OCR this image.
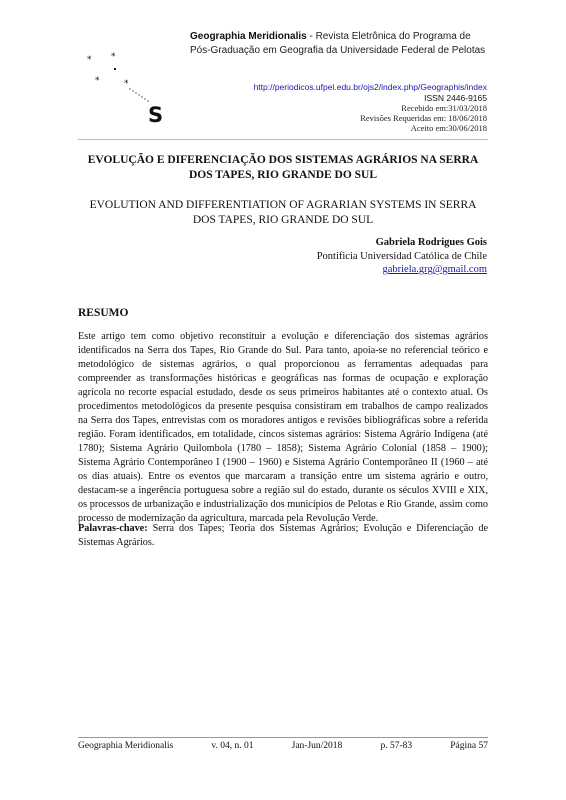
* *
*	*
S
Geographia Meridionalis - Revista Eletrônica do Programa de Pós-Graduação em Geografia da Universidade Federal de Pelotas
http://periodicos.ufpel.edu.br/ojs2/index.php/Geographis/index
ISSN 2446-9165
Recebido em:31/03/2018
Revisões Requeridas em: 18/06/2018
Aceito em:30/06/2018
EVOLUÇÃO E DIFERENCIAÇÃO DOS SISTEMAS AGRÁRIOS NA SERRA DOS TAPES, RIO GRANDE DO SUL
EVOLUTION AND DIFFERENTIATION OF AGRARIAN SYSTEMS IN SERRA DOS TAPES, RIO GRANDE DO SUL
Gabriela Rodrigues Gois
Pontificia Universidad Católica de Chile
gabriela.grg@gmail.com
RESUMO
Este artigo tem como objetivo reconstituir a evolução e diferenciação dos sistemas agrários identificados na Serra dos Tapes, Rio Grande do Sul. Para tanto, apoia-se no referencial teórico e metodológico de sistemas agrários, o qual proporcionou as ferramentas adequadas para compreender as transformações históricas e geográficas nas formas de ocupação e exploração agrícola no recorte espacial estudado, desde os seus primeiros habitantes até o contexto atual. Os procedimentos metodológicos da presente pesquisa consistiram em trabalhos de campo realizados na Serra dos Tapes, entrevistas com os moradores antigos e revisões bibliográficas sobre a referida região. Foram identificados, em totalidade, cincos sistemas agrários: Sistema Agrário Indígena (até 1780); Sistema Agrário Quilombola (1780 – 1858); Sistema Agrário Colonial (1858 – 1900); Sistema Agrário Contemporâneo I (1900 – 1960) e Sistema Agrário Contemporâneo II (1960 – até os dias atuais). Entre os eventos que marcaram a transição entre um sistema agrário e outro, destacam-se a ingerência portuguesa sobre a região sul do estado, durante os séculos XVIII e XIX, os processos de urbanização e industrialização dos municípios de Pelotas e Rio Grande, assim como processo de modernização da agricultura, marcada pela Revolução Verde.
Palavras-chave: Serra dos Tapes; Teoria dos Sistemas Agrários; Evolução e Diferenciação de Sistemas Agrários.
Geographia Meridionalis	v. 04, n. 01	Jan-Jun/2018	p. 57-83	Página 57
